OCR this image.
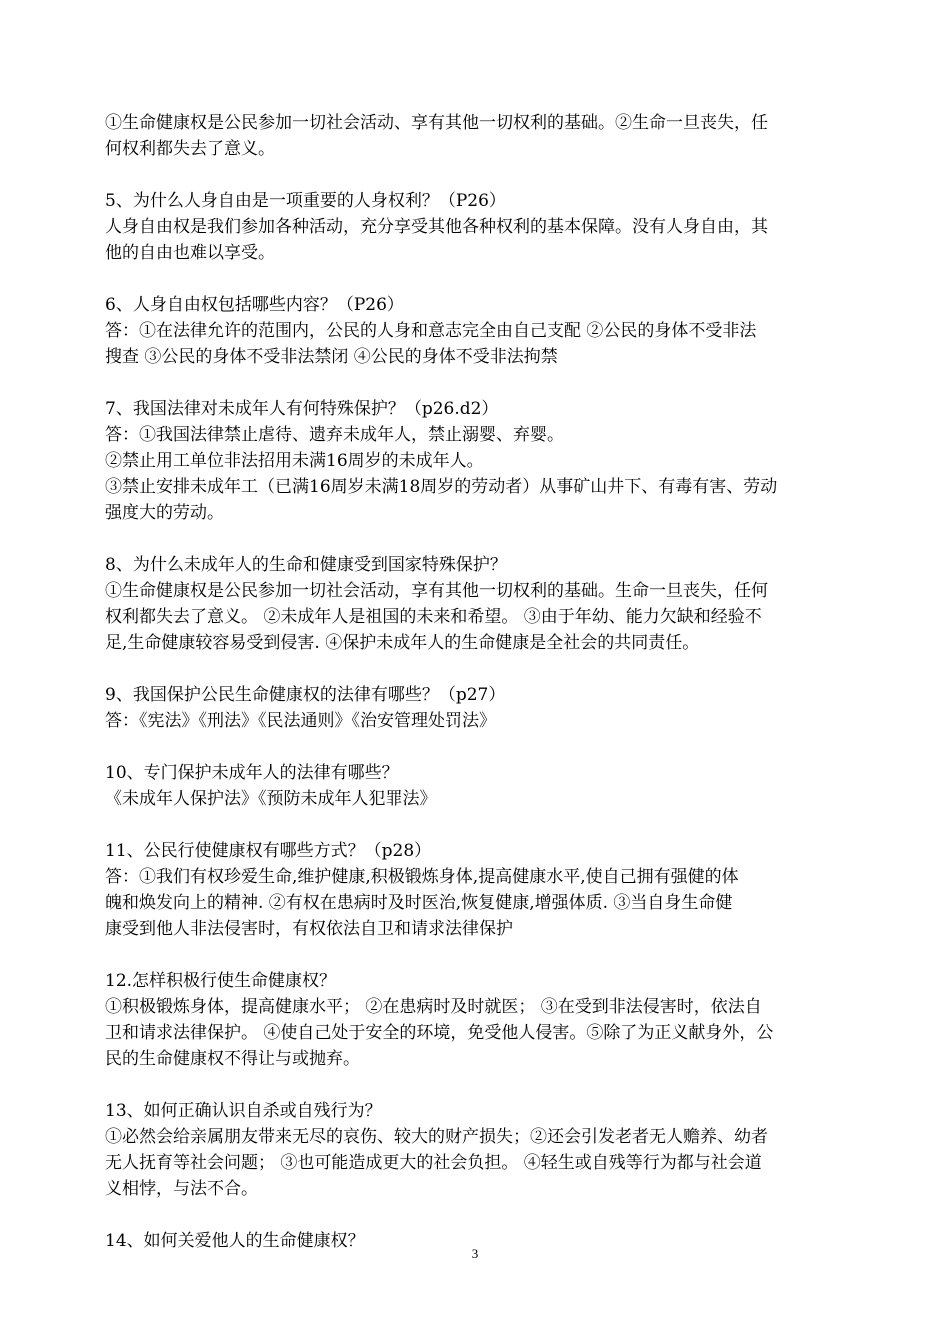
①生命健康权是公民参加一切社会活动、享有其他一切权利的基础。②生命一旦丧失，任
何权利都失去了意义。
5、为什么人身自由是一项重要的人身权利？（P26）
人身自由权是我们参加各种活动，充分享受其他各种权利的基本保障。没有人身自由，其
他的自由也难以享受。
6、人身自由权包括哪些内容？（P26）
答：①在法律允许的范围内，公民的人身和意志完全由自己支配 ②公民的身体不受非法
搜查 ③公民的身体不受非法禁闭 ④公民的身体不受非法拘禁
7、我国法律对未成年人有何特殊保护？（p26.d2）
答：①我国法律禁止虐待、遗弃未成年人，禁止溺婴、弃婴。
②禁止用工单位非法招用未满16周岁的未成年人。
③禁止安排未成年工（已满16周岁未满18周岁的劳动者）从事矿山井下、有毒有害、劳动
强度大的劳动。
8、为什么未成年人的生命和健康受到国家特殊保护？
①生命健康权是公民参加一切社会活动，享有其他一切权利的基础。生命一旦丧失，任何
权利都失去了意义。 ②未成年人是祖国的未来和希望。 ③由于年幼、能力欠缺和经验不
足,生命健康较容易受到侵害. ④保护未成年人的生命健康是全社会的共同责任。
9、我国保护公民生命健康权的法律有哪些？（p27）
答：《宪法》《刑法》《民法通则》《治安管理处罚法》
10、专门保护未成年人的法律有哪些？
《未成年人保护法》《预防未成年人犯罪法》
11、公民行使健康权有哪些方式？（p28）
答：①我们有权珍爱生命,维护健康,积极锻炼身体,提高健康水平,使自己拥有强健的体
魄和焕发向上的精神. ②有权在患病时及时医治,恢复健康,增强体质. ③当自身生命健
康受到他人非法侵害时，有权依法自卫和请求法律保护
12.怎样积极行使生命健康权？
①积极锻炼身体，提高健康水平； ②在患病时及时就医； ③在受到非法侵害时，依法自
卫和请求法律保护。 ④使自己处于安全的环境，免受他人侵害。⑤除了为正义献身外，公
民的生命健康权不得让与或抛弃。
13、如何正确认识自杀或自残行为？
①必然会给亲属朋友带来无尽的哀伤、较大的财产损失；②还会引发老者无人赡养、幼者
无人抚育等社会问题； ③也可能造成更大的社会负担。 ④轻生或自残等行为都与社会道
义相悖，与法不合。
14、如何关爱他人的生命健康权？
3
